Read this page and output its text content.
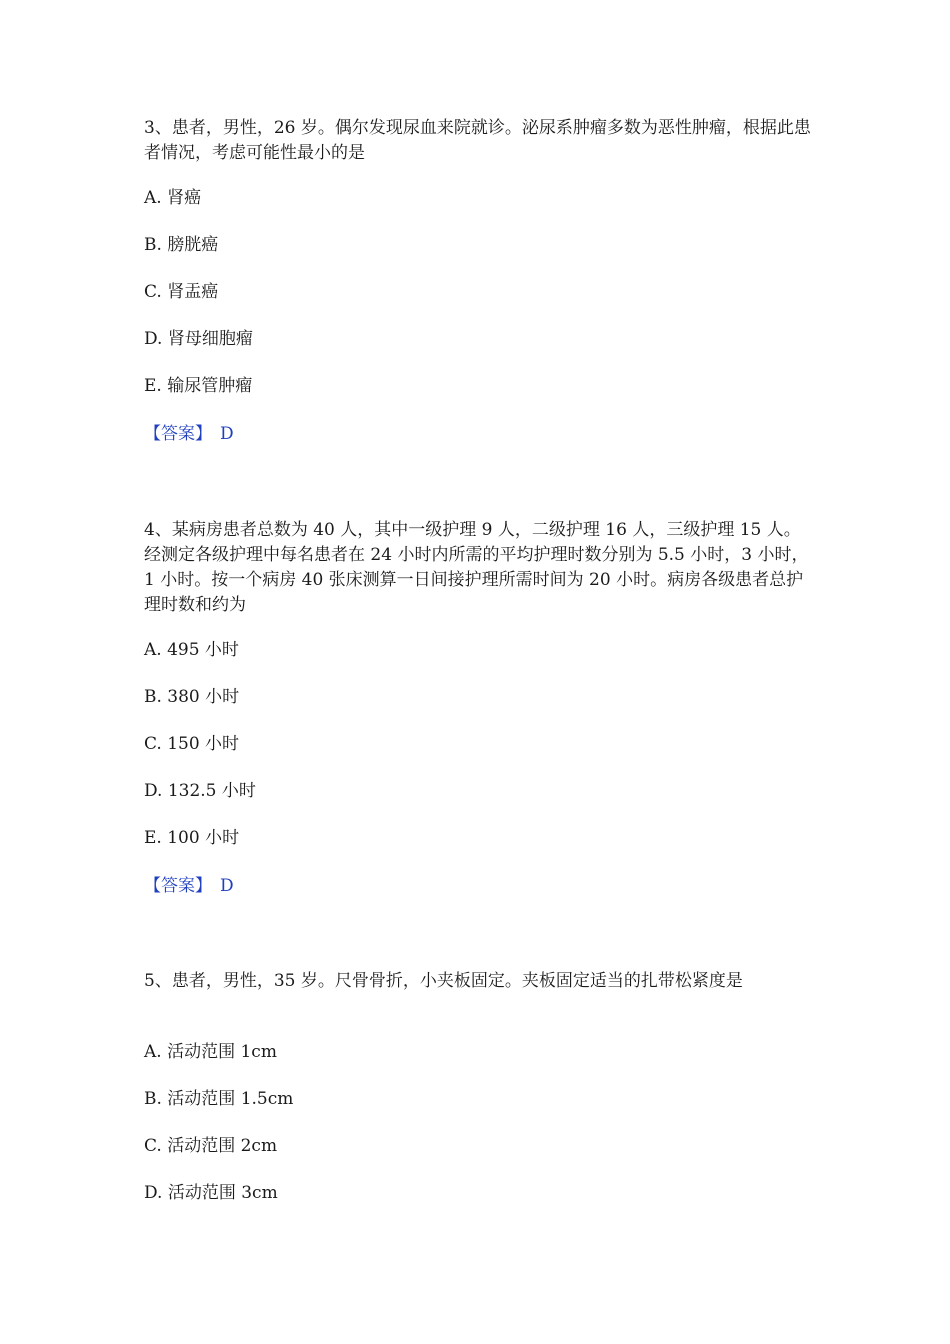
3、患者，男性，26 岁。偶尔发现尿血来院就诊。泌尿系肿瘤多数为恶性肿瘤，根据此患者情况，考虑可能性最小的是

A. 肾癌

B. 膀胱癌

C. 肾盂癌

D. 肾母细胞瘤

E. 输尿管肿瘤

【答案】 D

4、某病房患者总数为 40 人，其中一级护理 9 人，二级护理 16 人，三级护理 15 人。经测定各级护理中每名患者在 24 小时内所需的平均护理时数分别为 5.5 小时，3 小时，1 小时。按一个病房 40 张床测算一日间接护理所需时间为 20 小时。病房各级患者总护理时数和约为

A. 495 小时

B. 380 小时

C. 150 小时

D. 132.5 小时

E. 100 小时

【答案】 D

5、患者，男性，35 岁。尺骨骨折，小夹板固定。夹板固定适当的扎带松紧度是

A. 活动范围 1cm

B. 活动范围 1.5cm

C. 活动范围 2cm

D. 活动范围 3cm
